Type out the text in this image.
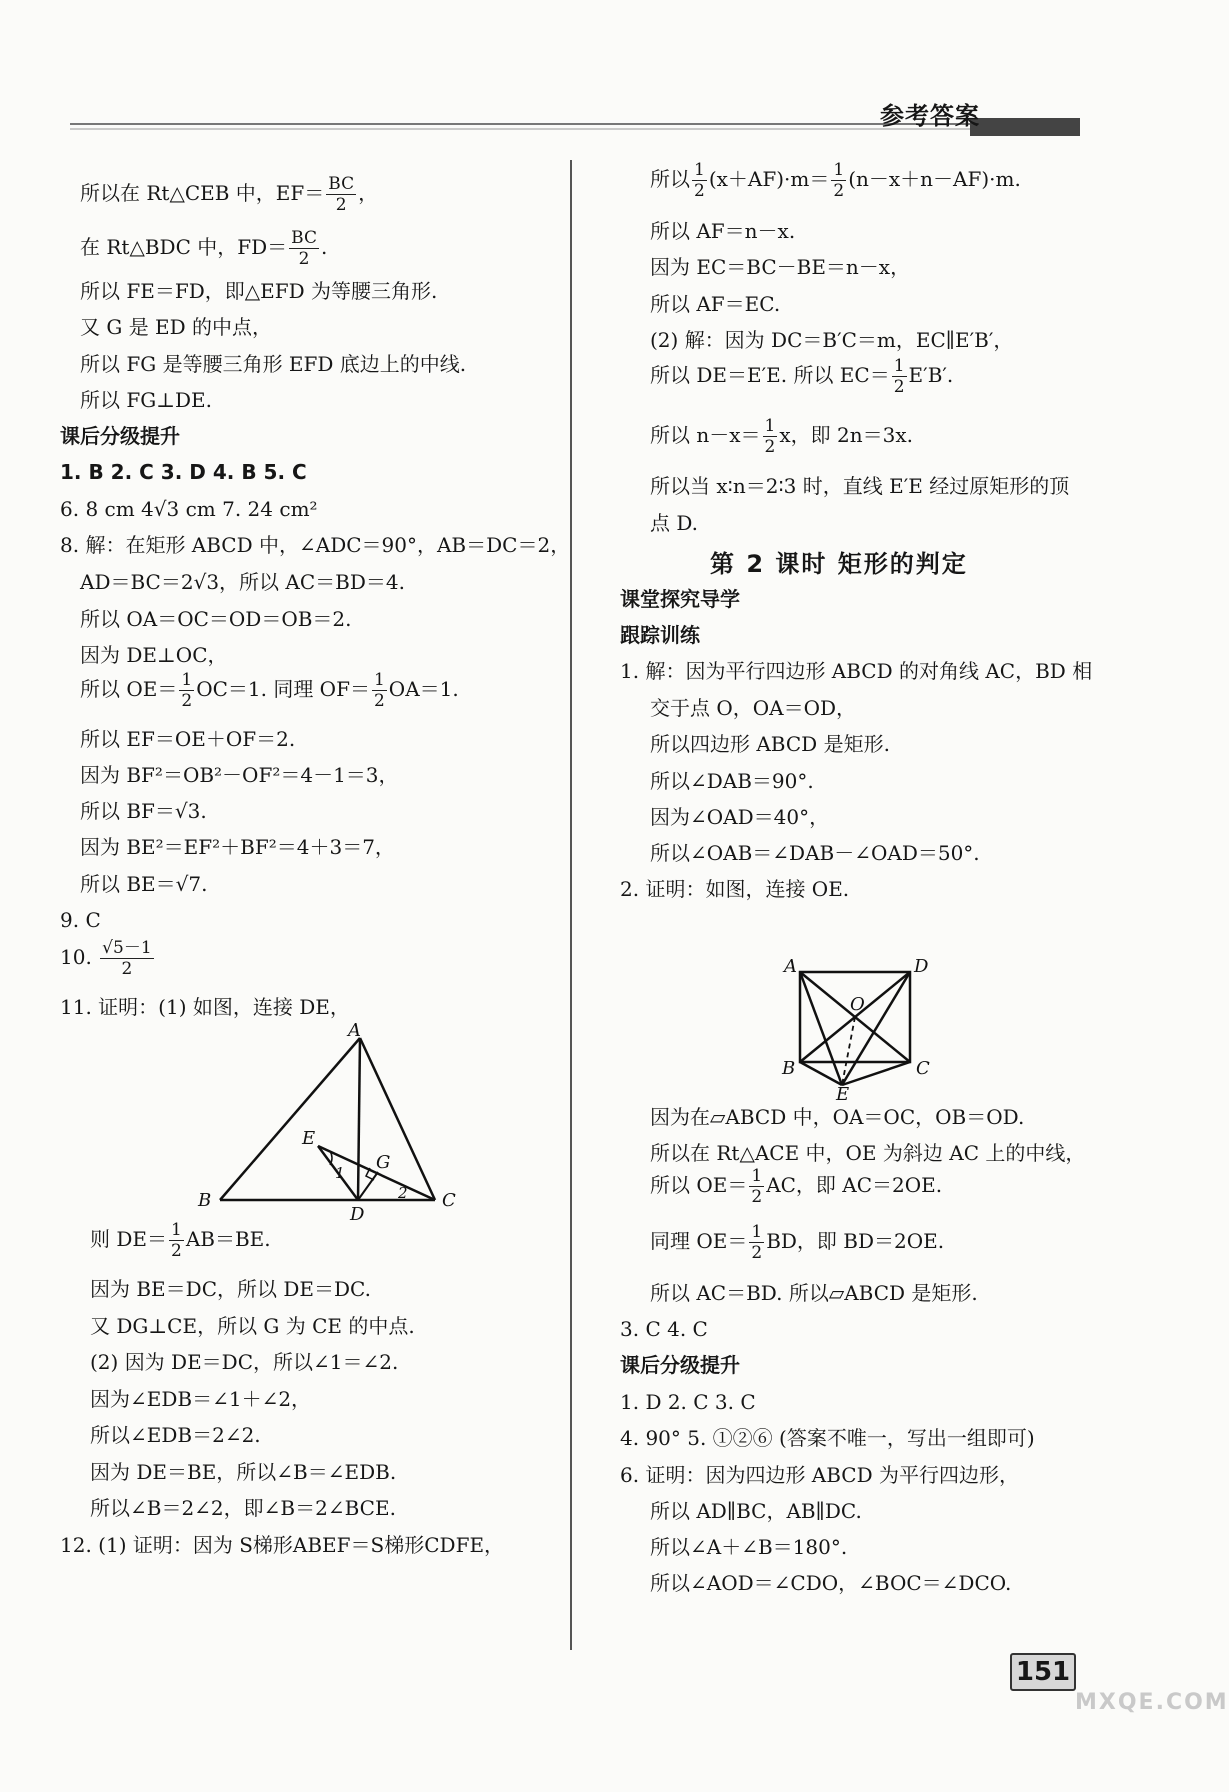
参考答案
所以在 Rt△CEB 中，$EF= \frac{BC}{2}$ ，
在 Rt△BDC 中，$FD= \frac{BC}{2}$ .
所以 FE＝FD，即△EFD 为等腰三角形.
又 G 是 ED 的中点，
所以 FG 是等腰三角形 EFD 底边上的中线.
所以 FG⊥DE.
课后分级提升
1. B 2. C 3. D 4. B 5. C
6. 8 cm 4√3 cm 7. 24 cm²
8. 解：在矩形 ABCD 中，∠ADC＝90°，AB＝DC＝2，
AD＝BC＝2√3，所以 AC＝BD＝4.
所以 OA＝OC＝OD＝OB＝2.
因为 DE⊥OC，
所以 $OE= \frac{1}{2} OC=1$. 同理 $OF= \frac{1}{2} OA=1$.
所以 EF＝OE＋OF＝2.
因为 BF²＝OB²－OF²＝4－1＝3，
所以 BF＝√3.
因为 BE²＝EF²＋BF²＝4＋3＝7，
所以 BE＝√7.
9. C
10. $\frac{√5-1}{2}$
11. 证明：(1) 如图，连接 DE，
A
B	C
D
E
G
1
2
则 $DE= \frac{1}{2} AB=BE$.
因为 BE＝DC，所以 DE＝DC.
又 DG⊥CE，所以 G 为 CE 的中点.
(2) 因为 DE＝DC，所以∠1＝∠2.
因为∠EDB＝∠1＋∠2，
所以∠EDB＝2∠2.
因为 DE＝BE，所以∠B＝∠EDB.
所以∠B＝2∠2，即∠B＝2∠BCE.
12. (1) 证明：因为 S梯形ABEF＝S梯形CDFE，
所以 $\frac{1}{2} (x+AF)\cdot m= \frac{1}{2} (n-x+n-AF)\cdot m$.
所以 AF＝n－x.
因为 EC＝BC－BE＝n－x，
所以 AF＝EC.
(2) 解：因为 DC＝B′C＝m，EC∥E′B′，
所以 DE＝E′E. 所以 $EC= \frac{1}{2} E'B'$.
所以 $n-x= \frac{1}{2}$ x，即 2n＝3x.
所以当 x∶n＝2∶3 时，直线 E′E 经过原矩形的顶
点 D.
第 2 课时 矩形的判定
课堂探究导学
跟踪训练
1. 解：因为平行四边形 ABCD 的对角线 AC，BD 相
交于点 O，OA＝OD，
所以四边形 ABCD 是矩形.
所以∠DAB＝90°.
因为∠OAD＝40°，
所以∠OAB＝∠DAB－∠OAD＝50°.
2. 证明：如图，连接 OE.
A	D
O
B	C
E
因为在▱ABCD 中，OA＝OC，OB＝OD.
所以在 Rt△ACE 中，OE 为斜边 AC 上的中线，
所以 $OE= \frac{1}{2}$ AC，即 AC＝2OE.
同理 $OE= \frac{1}{2}$ BD，即 BD＝2OE.
所以 AC＝BD. 所以▱ABCD 是矩形.
3. C 4. C
课后分级提升
1. D 2. C 3. C
4. 90° 5. ①②⑥ (答案不唯一，写出一组即可)
6. 证明：因为四边形 ABCD 为平行四边形，
所以 AD∥BC，AB∥DC.
所以∠A＋∠B＝180°.
所以∠AOD＝∠CDO，∠BOC＝∠DCO.
151
MXQE.COM
